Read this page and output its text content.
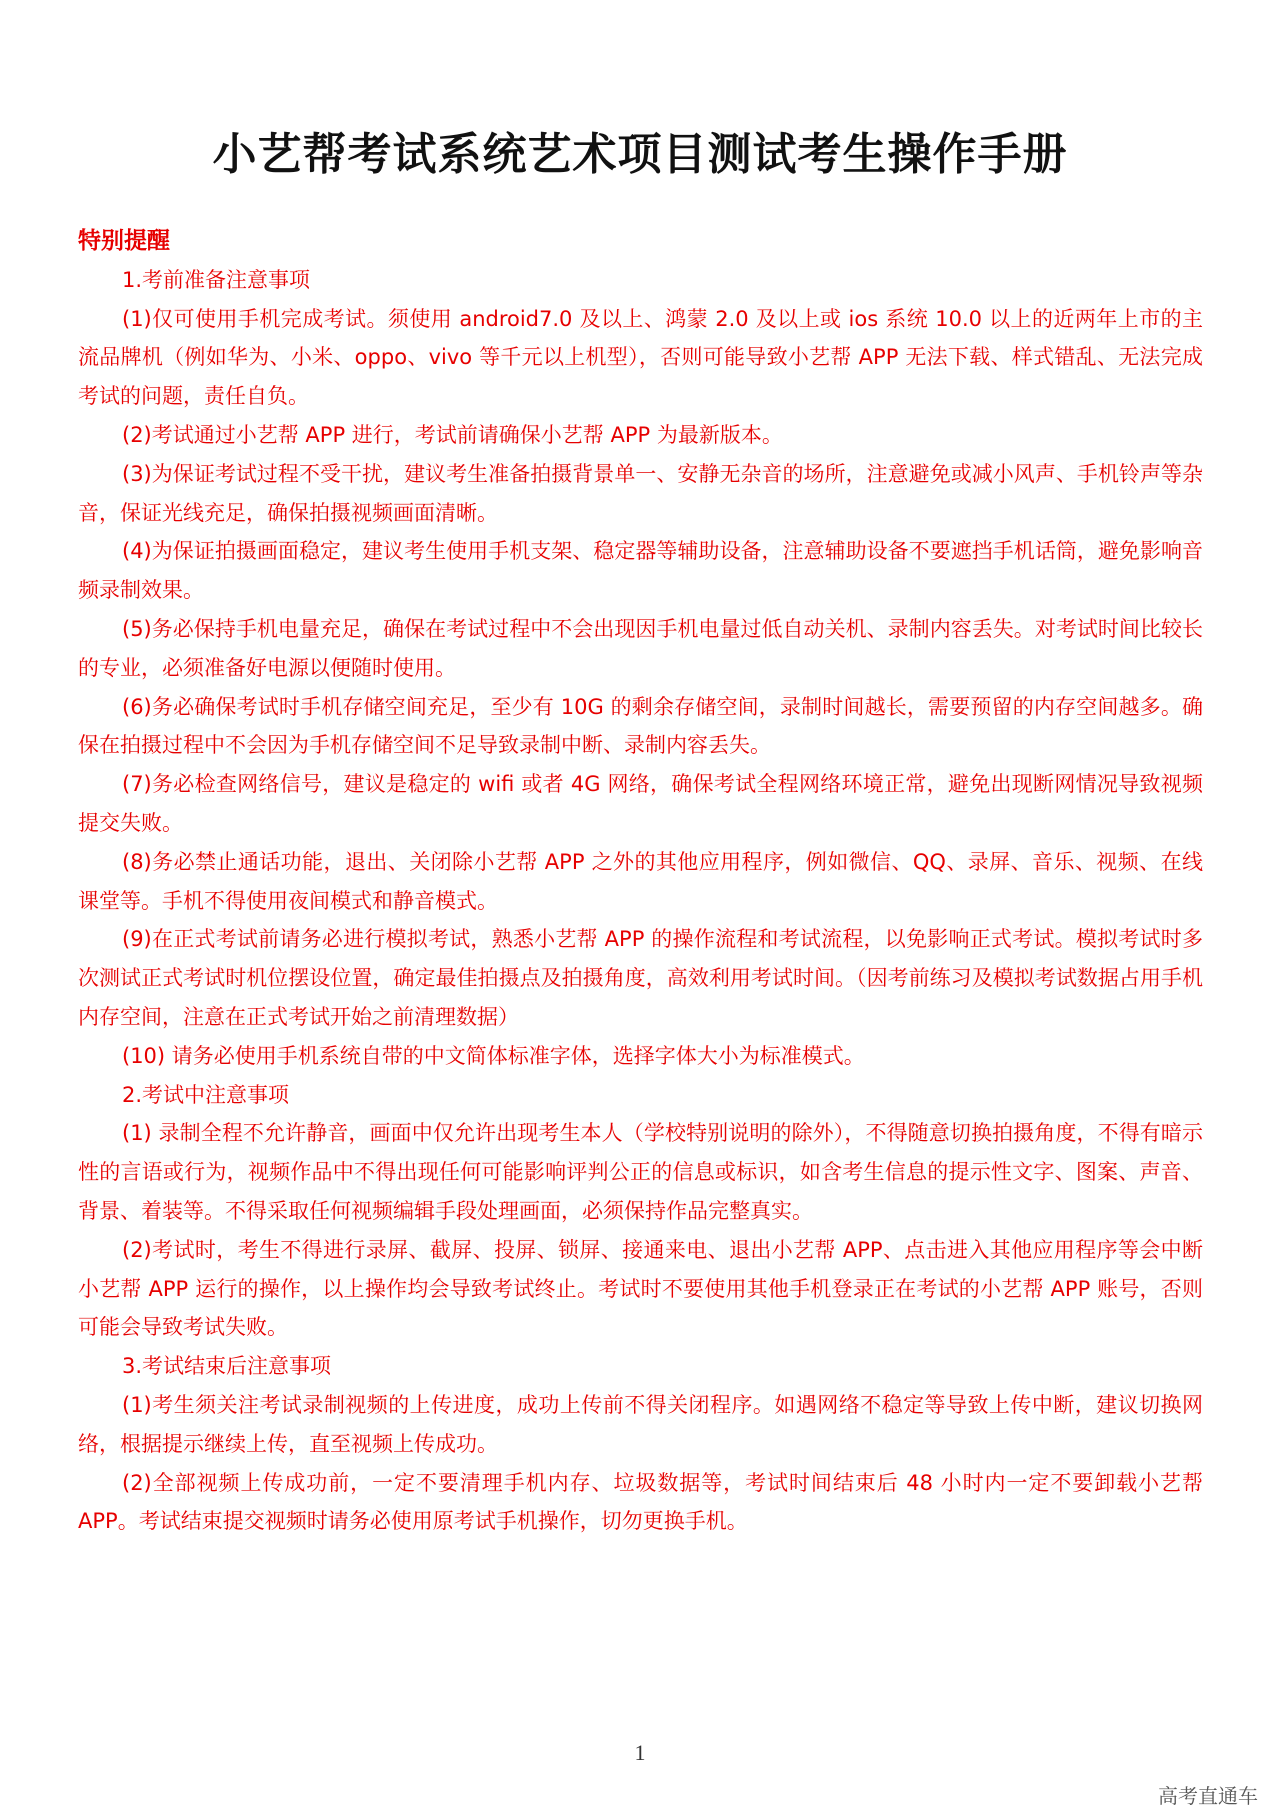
小艺帮考试系统艺术项目测试考生操作手册

特别提醒

1.考前准备注意事项

(1)仅可使用手机完成考试。须使用 android7.0 及以上、鸿蒙 2.0 及以上或 ios 系统 10.0 以上的近两年上市的主流品牌机（例如华为、小米、oppo、vivo 等千元以上机型），否则可能导致小艺帮 APP 无法下载、样式错乱、无法完成考试的问题，责任自负。

(2)考试通过小艺帮 APP 进行，考试前请确保小艺帮 APP 为最新版本。

(3)为保证考试过程不受干扰，建议考生准备拍摄背景单一、安静无杂音的场所，注意避免或减小风声、手机铃声等杂音，保证光线充足，确保拍摄视频画面清晰。

(4)为保证拍摄画面稳定，建议考生使用手机支架、稳定器等辅助设备，注意辅助设备不要遮挡手机话筒，避免影响音频录制效果。

(5)务必保持手机电量充足，确保在考试过程中不会出现因手机电量过低自动关机、录制内容丢失。对考试时间比较长的专业，必须准备好电源以便随时使用。

(6)务必确保考试时手机存储空间充足，至少有 10G 的剩余存储空间，录制时间越长，需要预留的内存空间越多。确保在拍摄过程中不会因为手机存储空间不足导致录制中断、录制内容丢失。

(7)务必检查网络信号，建议是稳定的 wifi 或者 4G 网络，确保考试全程网络环境正常，避免出现断网情况导致视频提交失败。

(8)务必禁止通话功能，退出、关闭除小艺帮 APP 之外的其他应用程序，例如微信、QQ、录屏、音乐、视频、在线课堂等。手机不得使用夜间模式和静音模式。

(9)在正式考试前请务必进行模拟考试，熟悉小艺帮 APP 的操作流程和考试流程，以免影响正式考试。模拟考试时多次测试正式考试时机位摆设位置，确定最佳拍摄点及拍摄角度，高效利用考试时间。（因考前练习及模拟考试数据占用手机内存空间，注意在正式考试开始之前清理数据）

(10) 请务必使用手机系统自带的中文简体标准字体，选择字体大小为标准模式。

2.考试中注意事项

(1) 录制全程不允许静音，画面中仅允许出现考生本人（学校特别说明的除外），不得随意切换拍摄角度，不得有暗示性的言语或行为，视频作品中不得出现任何可能影响评判公正的信息或标识，如含考生信息的提示性文字、图案、声音、背景、着装等。不得采取任何视频编辑手段处理画面，必须保持作品完整真实。

(2)考试时，考生不得进行录屏、截屏、投屏、锁屏、接通来电、退出小艺帮 APP、点击进入其他应用程序等会中断小艺帮 APP 运行的操作，以上操作均会导致考试终止。考试时不要使用其他手机登录正在考试的小艺帮 APP 账号，否则可能会导致考试失败。

3.考试结束后注意事项

(1)考生须关注考试录制视频的上传进度，成功上传前不得关闭程序。如遇网络不稳定等导致上传中断，建议切换网络，根据提示继续上传，直至视频上传成功。

(2)全部视频上传成功前，一定不要清理手机内存、垃圾数据等，考试时间结束后 48 小时内一定不要卸载小艺帮 APP。考试结束提交视频时请务必使用原考试手机操作，切勿更换手机。

1
高考直通车
